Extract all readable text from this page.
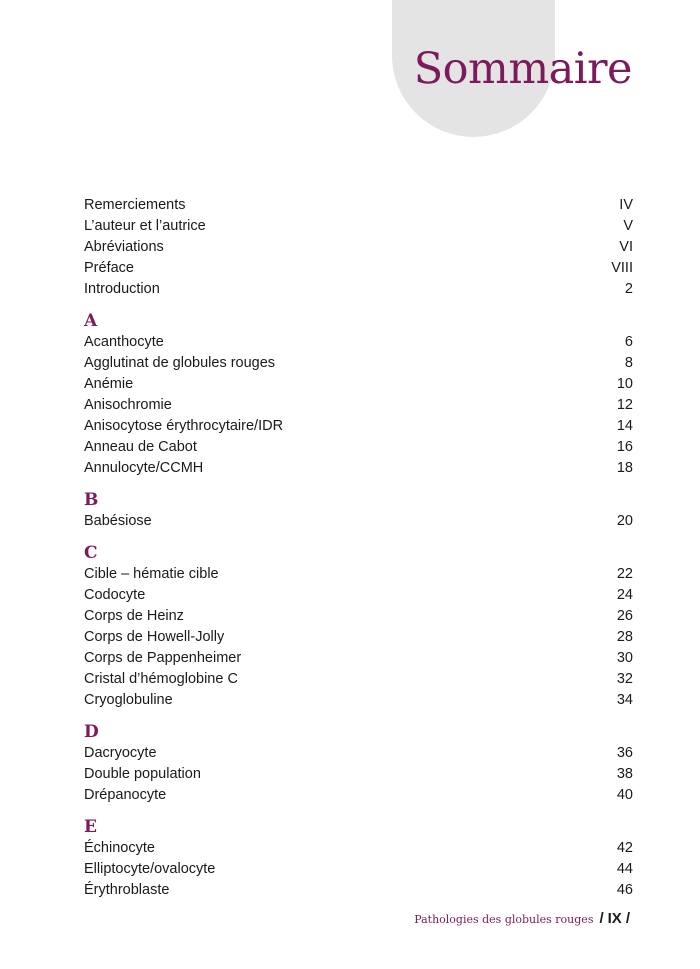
Sommaire
Remerciements	IV
L’auteur et l’autrice	V
Abréviations	VI
Préface	VIII
Introduction	2
A
Acanthocyte	6
Agglutinat de globules rouges	8
Anémie	10
Anisochromie	12
Anisocytose érythrocytaire/IDR	14
Anneau de Cabot	16
Annulocyte/CCMH	18
B
Babésiose	20
C
Cible – hématie cible	22
Codocyte	24
Corps de Heinz	26
Corps de Howell-Jolly	28
Corps de Pappenheimer	30
Cristal d’hémoglobine C	32
Cryoglobuline	34
D
Dacryocyte	36
Double population	38
Drépanocyte	40
E
Échinocyte	42
Elliptocyte/ovalocyte	44
Érythroblaste	46
Pathologies des globules rouges / IX /
